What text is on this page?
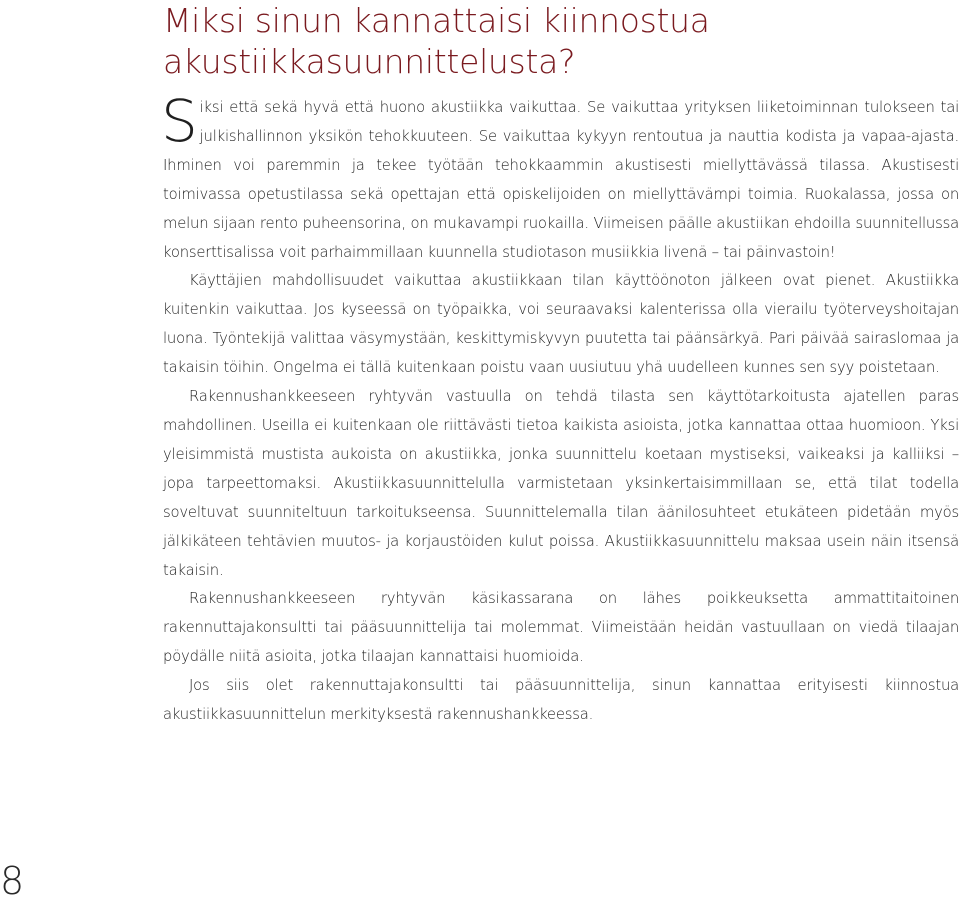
Miksi sinun kannattaisi kiinnostua akustiikkasuunnittelusta?

Siksi että sekä hyvä että huono akustiikka vaikuttaa. Se vaikuttaa yrityksen liiketoiminnan tulokseen tai julkishallinnon yksikön tehokkuuteen. Se vaikuttaa kykyyn rentoutua ja nauttia kodista ja vapaa-ajasta. Ihminen voi paremmin ja tekee työtään tehokkaammin akustisesti miellyttävässä tilassa. Akustisesti toimivassa opetustilassa sekä opettajan että opiskelijoiden on miellyttävämpi toimia. Ruokalassa, jossa on melun sijaan rento puheensorina, on mukavampi ruokailla. Viimeisen päälle akustiikan ehdoilla suunnitellussa konserttisalissa voit parhaimmillaan kuunnella studiotason musiikkia livenä – tai päinvastoin!

Käyttäjien mahdollisuudet vaikuttaa akustiikkaan tilan käyttöönoton jälkeen ovat pienet. Akustiikka kuitenkin vaikuttaa. Jos kyseessä on työpaikka, voi seuraavaksi kalenterissa olla vierailu työterveyshoitajan luona. Työntekijä valittaa väsymystään, keskittymiskyvyn puutetta tai päänsärkyä. Pari päivää sairaslomaa ja takaisin töihin. Ongelma ei tällä kuitenkaan poistu vaan uusiutuu yhä uudelleen kunnes sen syy poistetaan.

Rakennushankkeeseen ryhtyvän vastuulla on tehdä tilasta sen käyttötarkoitusta ajatellen paras mahdollinen. Useilla ei kuitenkaan ole riittävästi tietoa kaikista asioista, jotka kannattaa ottaa huomioon. Yksi yleisimmistä mustista aukoista on akustiikka, jonka suunnittelu koetaan mystiseksi, vaikeaksi ja kalliiksi – jopa tarpeettomaksi. Akustiikkasuunnittelulla varmistetaan yksinkertaisimmillaan se, että tilat todella soveltuvat suunniteltuun tarkoitukseensa. Suunnittelemalla tilan äänilosuhteet etukäteen pidetään myös jälkikäteen tehtävien muutos- ja korjaustöiden kulut poissa. Akustiikkasuunnittelu maksaa usein näin itsensä takaisin.

Rakennushankkeeseen ryhtyvän käsikassarana on lähes poikkeuksetta ammattitaitoinen rakennuttajakonsultti tai pääsuunnittelija tai molemmat. Viimeistään heidän vastuullaan on viedä tilaajan pöydälle niitä asioita, jotka tilaajan kannattaisi huomioida.

Jos siis olet rakennuttajakonsultti tai pääsuunnittelija, sinun kannattaa erityisesti kiinnostua akustiikkasuunnittelun merkityksestä rakennushankkeessa.

8
